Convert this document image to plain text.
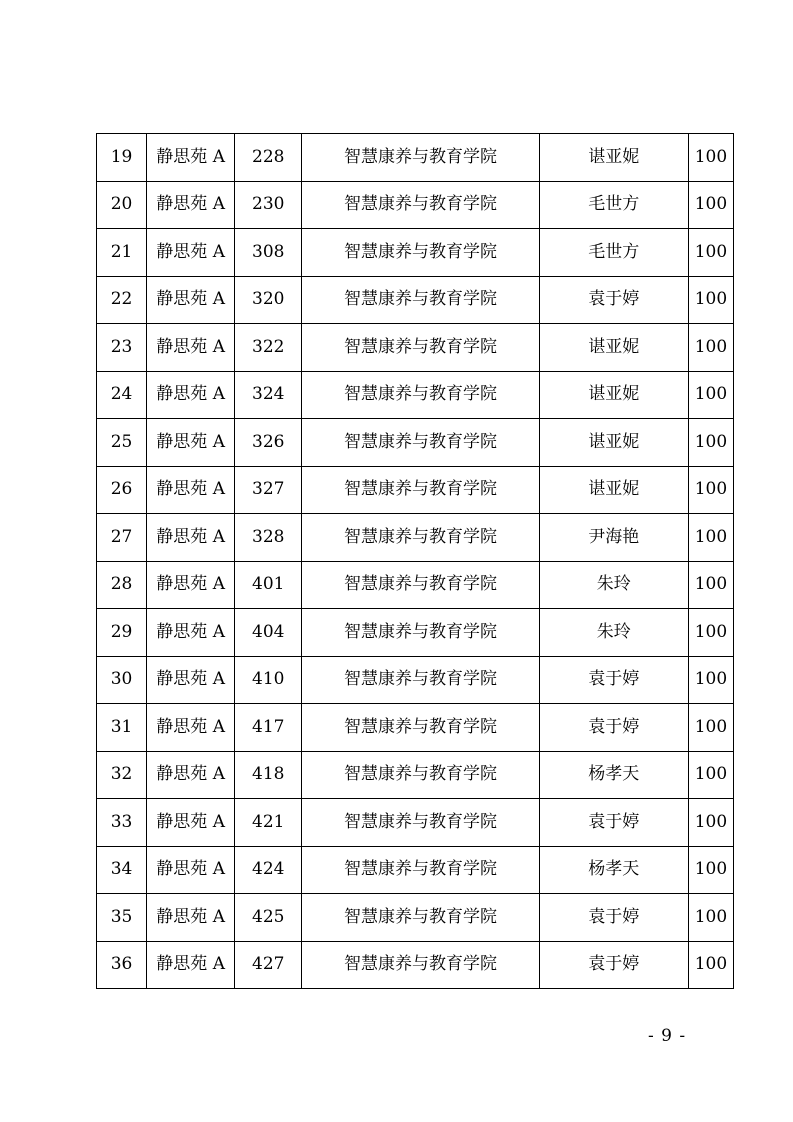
19	静思苑 A	228	智慧康养与教育学院	谌亚妮	100
20	静思苑 A	230	智慧康养与教育学院	毛世方	100
21	静思苑 A	308	智慧康养与教育学院	毛世方	100
22	静思苑 A	320	智慧康养与教育学院	袁于婷	100
23	静思苑 A	322	智慧康养与教育学院	谌亚妮	100
24	静思苑 A	324	智慧康养与教育学院	谌亚妮	100
25	静思苑 A	326	智慧康养与教育学院	谌亚妮	100
26	静思苑 A	327	智慧康养与教育学院	谌亚妮	100
27	静思苑 A	328	智慧康养与教育学院	尹海艳	100
28	静思苑 A	401	智慧康养与教育学院	朱玲	100
29	静思苑 A	404	智慧康养与教育学院	朱玲	100
30	静思苑 A	410	智慧康养与教育学院	袁于婷	100
31	静思苑 A	417	智慧康养与教育学院	袁于婷	100
32	静思苑 A	418	智慧康养与教育学院	杨孝天	100
33	静思苑 A	421	智慧康养与教育学院	袁于婷	100
34	静思苑 A	424	智慧康养与教育学院	杨孝天	100
35	静思苑 A	425	智慧康养与教育学院	袁于婷	100
36	静思苑 A	427	智慧康养与教育学院	袁于婷	100
- 9 -
